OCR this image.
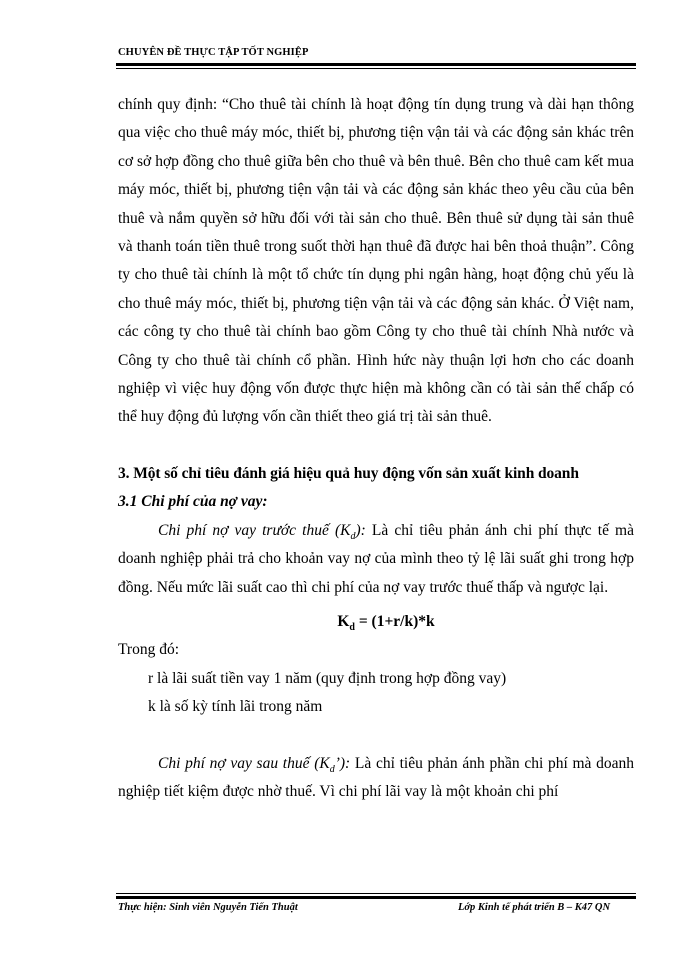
CHUYÊN ĐỀ THỰC TẬP TỐT NGHIỆP

chính quy định: “Cho thuê tài chính là hoạt động tín dụng trung và dài hạn thông qua việc cho thuê máy móc, thiết bị, phương tiện vận tải và các động sản khác trên cơ sở hợp đồng cho thuê giữa bên cho thuê và bên thuê. Bên cho thuê cam kết mua máy móc, thiết bị, phương tiện vận tải và các động sản khác theo yêu cầu của bên thuê và nắm quyền sở hữu đối với tài sản cho thuê. Bên thuê sử dụng tài sản thuê và thanh toán tiền thuê trong suốt thời hạn thuê đã được hai bên thoả thuận”. Công ty cho thuê tài chính là một tổ chức tín dụng phi ngân hàng, hoạt động chủ yếu là cho thuê máy móc, thiết bị, phương tiện vận tải và các động sản khác. Ở Việt nam, các công ty cho thuê tài chính bao gồm Công ty cho thuê tài chính Nhà nước và Công ty cho thuê tài chính cổ phần. Hình hức này thuận lợi hơn cho các doanh nghiệp vì việc huy động vốn được thực hiện mà không cần có tài sản thế chấp có thể huy động đủ lượng vốn cần thiết theo giá trị tài sản thuê.

3. Một số chỉ tiêu đánh giá hiệu quả huy động vốn sản xuất kinh doanh

3.1 Chi phí của nợ vay:

Chi phí nợ vay trước thuế $(K_d)$: Là chỉ tiêu phản ánh chi phí thực tế mà doanh nghiệp phải trả cho khoản vay nợ của mình theo tỷ lệ lãi suất ghi trong hợp đồng. Nếu mức lãi suất cao thì chi phí của nợ vay trước thuế thấp và ngược lại.

$K_d = (1+r/k)*k$

Trong đó:

r là lãi suất tiền vay 1 năm (quy định trong hợp đồng vay)

k là số kỳ tính lãi trong năm

Chi phí nợ vay sau thuế $(K_d’)$: Là chỉ tiêu phản ánh phần chi phí mà doanh nghiệp tiết kiệm được nhờ thuế. Vì chi phí lãi vay là một khoản chi phí

Thực hiện: Sinh viên Nguyễn Tiến Thuật	Lớp Kinh tế phát triển B – K47 QN
